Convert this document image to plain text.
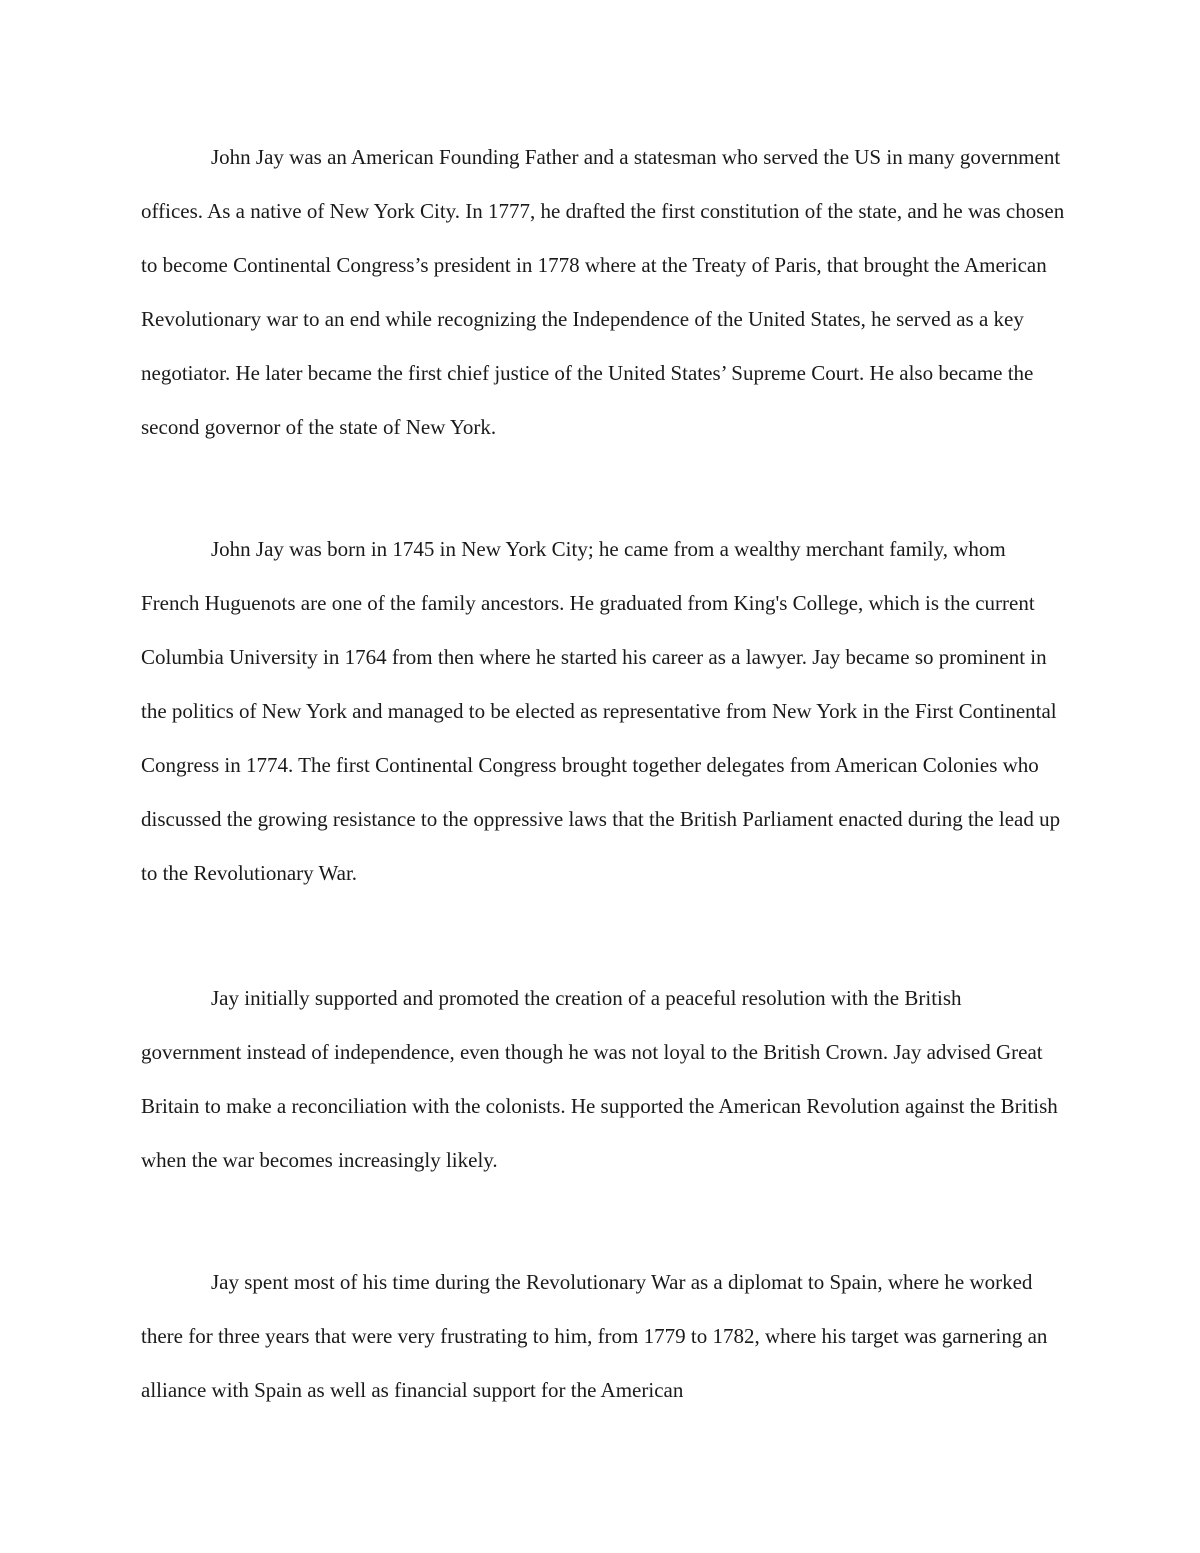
John Jay was an American Founding Father and a statesman who served the US in many government offices. As a native of New York City. In 1777, he drafted the first constitution of the state, and he was chosen to become Continental Congress’s president in 1778 where at the Treaty of Paris, that brought the American Revolutionary war to an end while recognizing the Independence of the United States, he served as a key negotiator. He later became the first chief justice of the United States’ Supreme Court. He also became the second governor of the state of New York.

John Jay was born in 1745 in New York City; he came from a wealthy merchant family, whom French Huguenots are one of the family ancestors. He graduated from King's College, which is the current Columbia University in 1764 from then where he started his career as a lawyer. Jay became so prominent in the politics of New York and managed to be elected as representative from New York in the First Continental Congress in 1774. The first Continental Congress brought together delegates from American Colonies who discussed the growing resistance to the oppressive laws that the British Parliament enacted during the lead up to the Revolutionary War.

Jay initially supported and promoted the creation of a peaceful resolution with the British government instead of independence, even though he was not loyal to the British Crown. Jay advised Great Britain to make a reconciliation with the colonists. He supported the American Revolution against the British when the war becomes increasingly likely.

Jay spent most of his time during the Revolutionary War as a diplomat to Spain, where he worked there for three years that were very frustrating to him, from 1779 to 1782, where his target was garnering an alliance with Spain as well as financial support for the American
